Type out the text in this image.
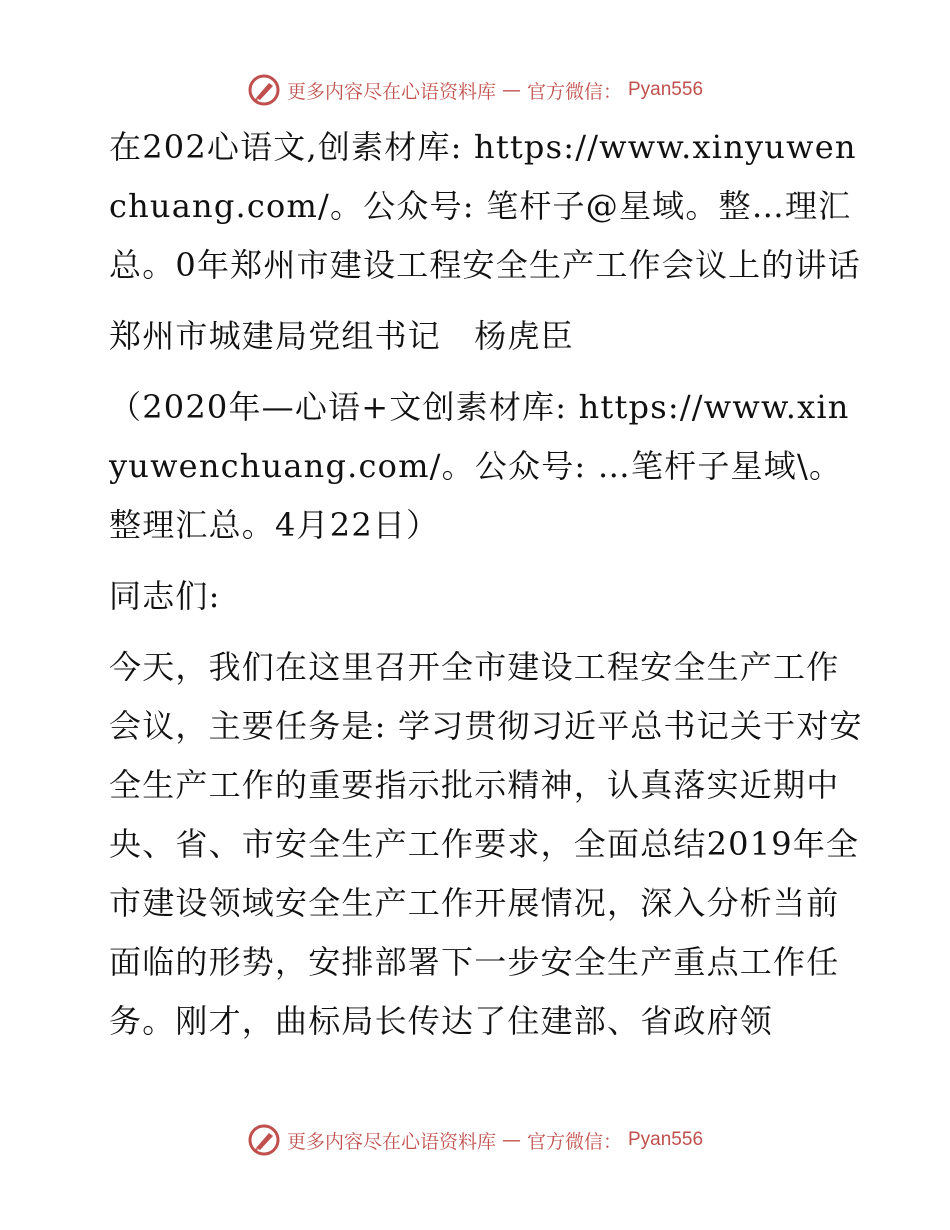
更多内容尽在心语资料库 — 官方微信： Pyan556

在202心语文,创素材库: https://www.xinyuwenchuang.com/。公众号: 笔杆子@星域。整…理汇总。0年郑州市建设工程安全生产工作会议上的讲话

郑州市城建局党组书记　杨虎臣

（2020年—心语+文创素材库: https://www.xinyuwenchuang.com/。公众号: …笔杆子星域\。整理汇总。4月22日）

同志们:

今天，我们在这里召开全市建设工程安全生产工作会议，主要任务是: 学习贯彻习近平总书记关于对安全生产工作的重要指示批示精神，认真落实近期中央、省、市安全生产工作要求，全面总结2019年全市建设领域安全生产工作开展情况，深入分析当前面临的形势，安排部署下一步安全生产重点工作任务。刚才，曲标局长传达了住建部、省政府领

更多内容尽在心语资料库 — 官方微信： Pyan556
